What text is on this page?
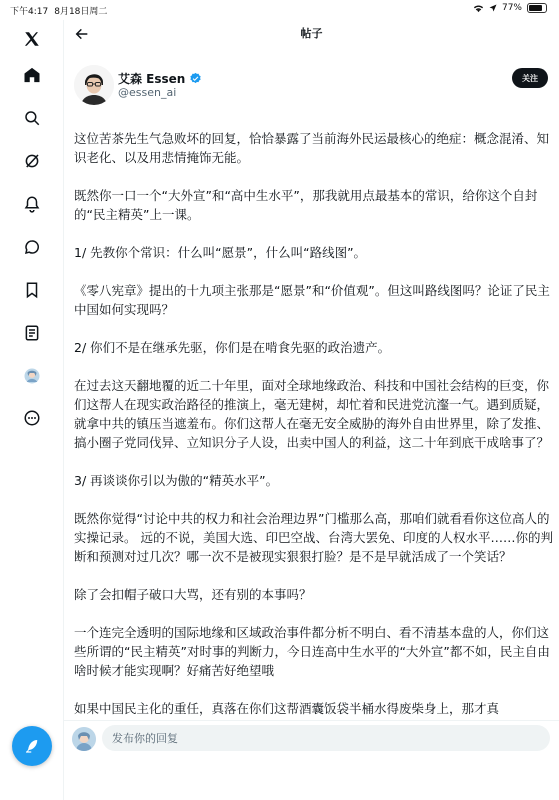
下午4:17 8月18日周二	77%
帖子
艾森 Essen
@essen_ai
关注

这位苦茶先生气急败坏的回复，恰恰暴露了当前海外民运最核心的绝症：概念混淆、知识老化、以及用悲情掩饰无能。

既然你一口一个“大外宣”和“高中生水平”，那我就用点最基本的常识，给你这个自封的“民主精英”上一课。

1/ 先教你个常识：什么叫“愿景”，什么叫“路线图”。

《零八宪章》提出的十九项主张那是“愿景”和“价值观”。但这叫路线图吗？论证了民主中国如何实现吗？

2/ 你们不是在继承先驱，你们是在啃食先驱的政治遗产。

在过去这天翻地覆的近二十年里，面对全球地缘政治、科技和中国社会结构的巨变，你们这帮人在现实政治路径的推演上，毫无建树，却忙着和民进党沆瀣一气。遇到质疑，就拿中共的镇压当遮羞布。你们这帮人在毫无安全威胁的海外自由世界里，除了发推、搞小圈子党同伐异、立知识分子人设，出卖中国人的利益，这二十年到底干成啥事了？

3/ 再谈谈你引以为傲的“精英水平”。

既然你觉得“讨论中共的权力和社会治理边界”门槛那么高，那咱们就看看你这位高人的实操记录。 远的不说，美国大选、印巴空战、台湾大罢免、印度的人权水平……你的判断和预测对过几次？哪一次不是被现实狠狠打脸？是不是早就活成了一个笑话？

除了会扣帽子破口大骂，还有别的本事吗？

一个连完全透明的国际地缘和区域政治事件都分析不明白、看不清基本盘的人，你们这些所谓的“民主精英”对时事的判断力，今日连高中生水平的“大外宣”都不如，民主自由啥时候才能实现啊？好痛苦好绝望哦

如果中国民主化的重任，真落在你们这帮酒囊饭袋半桶水得废柴身上，那才真

发布你的回复
